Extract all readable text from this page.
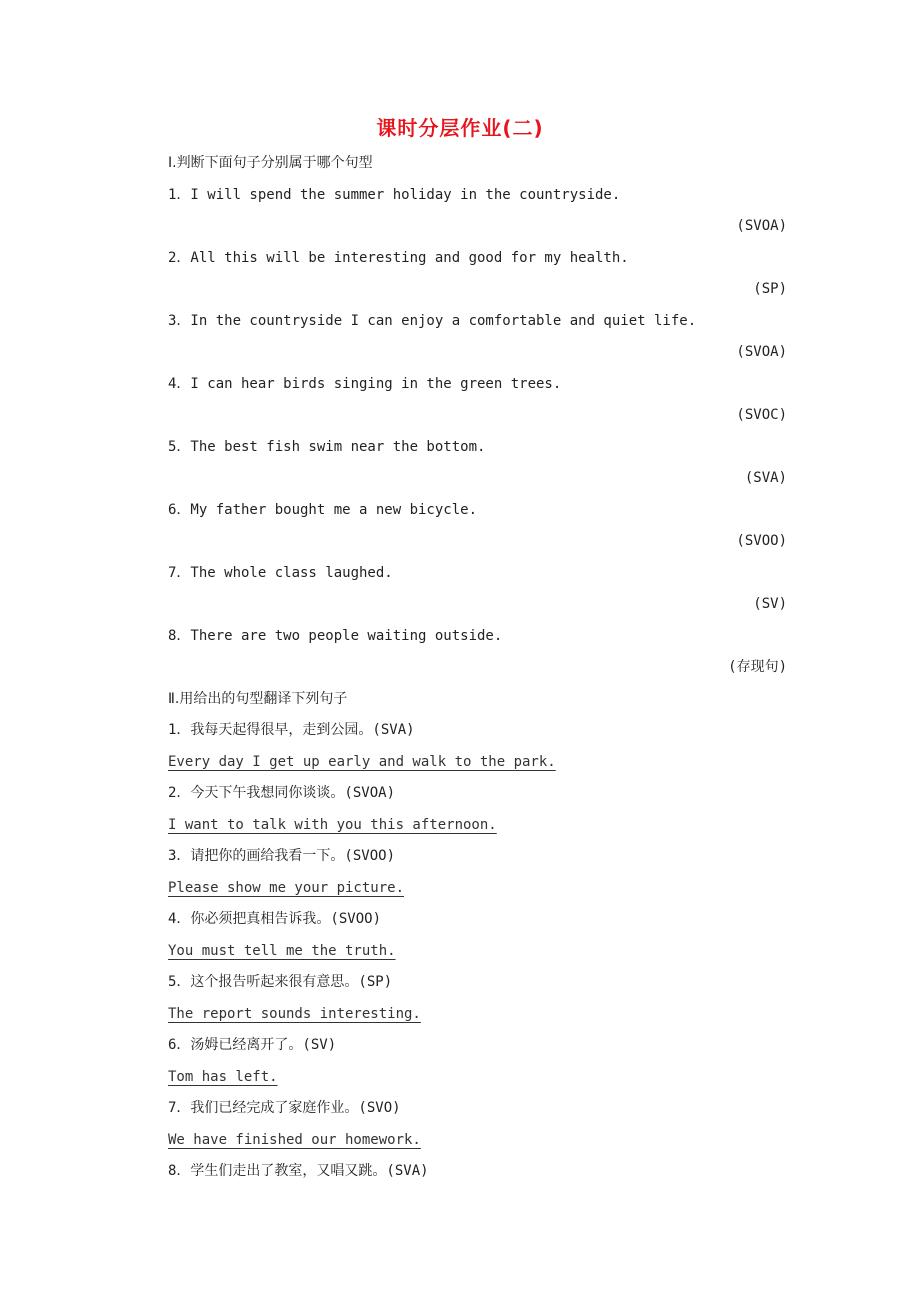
课时分层作业(二)
Ⅰ.判断下面句子分别属于哪个句型
1．I will spend the summer holiday in the countryside.
(SVOA)
2．All this will be interesting and good for my health.
(SP)
3．In the countryside I can enjoy a comfortable and quiet life.
(SVOA)
4．I can hear birds singing in the green trees.
(SVOC)
5．The best fish swim near the bottom.
(SVA)
6．My father bought me a new bicycle.
(SVOO)
7．The whole class laughed.
(SV)
8．There are two people waiting outside.
(存现句)
Ⅱ.用给出的句型翻译下列句子
1．我每天起得很早，走到公园。(SVA)
Every day I get up early and walk to the park.
2．今天下午我想同你谈谈。(SVOA)
I want to talk with you this afternoon.
3．请把你的画给我看一下。(SVOO)
Please show me your picture.
4．你必须把真相告诉我。(SVOO)
You must tell me the truth.
5．这个报告听起来很有意思。(SP)
The report sounds interesting.
6．汤姆已经离开了。(SV)
Tom has left.
7．我们已经完成了家庭作业。(SVO)
We have finished our homework.
8．学生们走出了教室，又唱又跳。(SVA)
